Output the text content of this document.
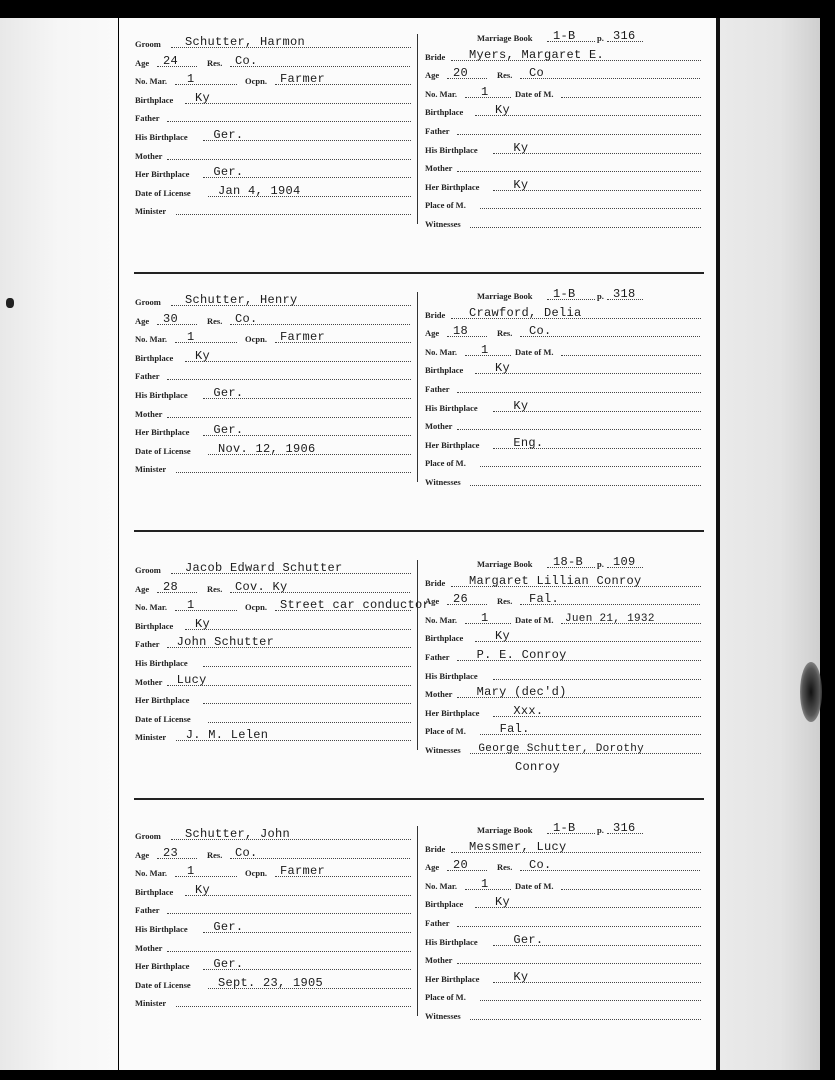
Groom Schutter, Harmon
Age 24	Res. Co.
No. Mar. 1	Ocpn. Farmer
Birthplace Ky
Father
His Birthplace Ger.
Mother
Her Birthplace Ger.
Date of License Jan 4, 1904
Minister
Marriage Book 1-B	p. 316
Bride Myers, Margaret E.
Age 20	Res. Co
No. Mar. 1	Date of M.
Birthplace	Ky
Father
His Birthplace	Ky
Mother
Her Birthplace	Ky
Place of M.
Witnesses
Groom Schutter, Henry
Age 30	Res. Co.
No. Mar. 1	Ocpn. Farmer
Birthplace Ky
Father
His Birthplace Ger.
Mother
Her Birthplace Ger.
Date of License Nov. 12, 1906
Minister
Marriage Book 1-B	p. 318
Bride Crawford, Delia
Age 18	Res. Co.
No. Mar. 1	Date of M.
Birthplace	Ky
Father
His Birthplace	Ky
Mother
Her Birthplace	Eng.
Place of M.
Witnesses
Groom Jacob Edward Schutter
Age 28	Res. Cov. Ky
No. Mar. 1	Ocpn. Street car conductor
Birthplace Ky
Father John Schutter
His Birthplace
Mother Lucy
Her Birthplace
Date of License
Minister J. M. Lelen
Marriage Book 18-B p. 109
Bride Margaret Lillian Conroy
Age 26	Res. Fal.
No. Mar. 1	Date of M. Juen 21, 1932
Birthplace	Ky
Father P. E. Conroy
His Birthplace
Mother Mary (dec'd)
Her Birthplace	Xxx.
Place of M.	Fal.
Witnesses George Schutter, Dorothy
Conroy
Groom Schutter, John
Age 23	Res. Co.
No. Mar. 1	Ocpn. Farmer
Birthplace Ky
Father
His Birthplace Ger.
Mother
Her Birthplace Ger.
Date of License Sept. 23, 1905
Minister
Marriage Book 1-B	p. 316
Bride Messmer, Lucy
Age 20	Res. Co.
No. Mar. 1	Date of M.
Birthplace	Ky
Father
His Birthplace	Ger.
Mother
Her Birthplace	Ky
Place of M.
Witnesses
